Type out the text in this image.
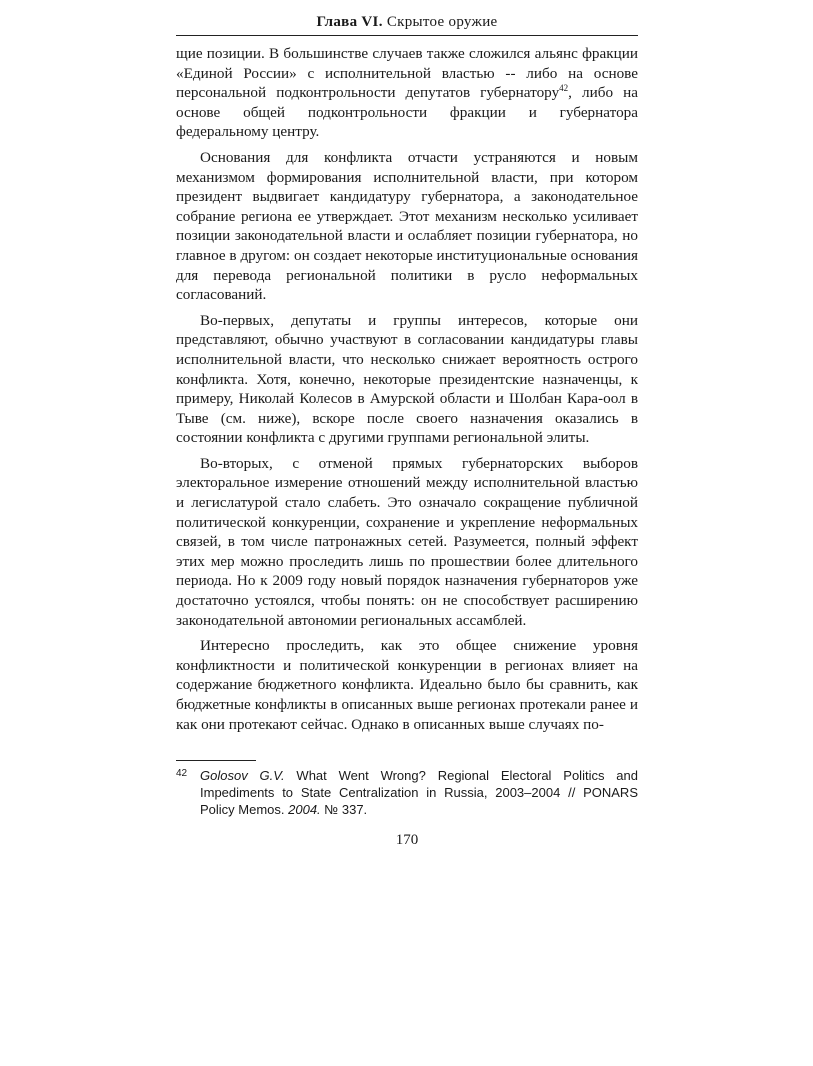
Глава VI. Скрытое оружие

щие позиции. В большинстве случаев также сложился альянс фракции «Единой России» с исполнительной властью -- либо на основе персональной подконтрольности депутатов губернатору$^{42}$, либо на основе общей подконтрольности фракции и губернатора федеральному центру.

Основания для конфликта отчасти устраняются и новым механизмом формирования исполнительной власти, при котором президент выдвигает кандидатуру губернатора, а законодательное собрание региона ее утверждает. Этот механизм несколько усиливает позиции законодательной власти и ослабляет позиции губернатора, но главное в другом: он создает некоторые институциональные основания для перевода региональной политики в русло неформальных согласований.

Во-первых, депутаты и группы интересов, которые они представляют, обычно участвуют в согласовании кандидатуры главы исполнительной власти, что несколько снижает вероятность острого конфликта. Хотя, конечно, некоторые президентские назначенцы, к примеру, Николай Колесов в Амурской области и Шолбан Кара-оол в Тыве (см. ниже), вскоре после своего назначения оказались в состоянии конфликта с другими группами региональной элиты.

Во-вторых, с отменой прямых губернаторских выборов электоральное измерение отношений между исполнительной властью и легислатурой стало слабеть. Это означало сокращение публичной политической конкуренции, сохранение и укрепление неформальных связей, в том числе патронажных сетей. Разумеется, полный эффект этих мер можно проследить лишь по прошествии более длительного периода. Но к 2009 году новый порядок назначения губернаторов уже достаточно устоялся, чтобы понять: он не способствует расширению законодательной автономии региональных ассамблей.

Интересно проследить, как это общее снижение уровня конфликтности и политической конкуренции в регионах влияет на содержание бюджетного конфликта. Идеально было бы сравнить, как бюджетные конфликты в описанных выше регионах протекали ранее и как они протекают сейчас. Однако в описанных выше случаях по-

42 Golosov G.V. What Went Wrong? Regional Electoral Politics and Impediments to State Centralization in Russia, 2003–2004 // PONARS Policy Memos. 2004. № 337.
170
